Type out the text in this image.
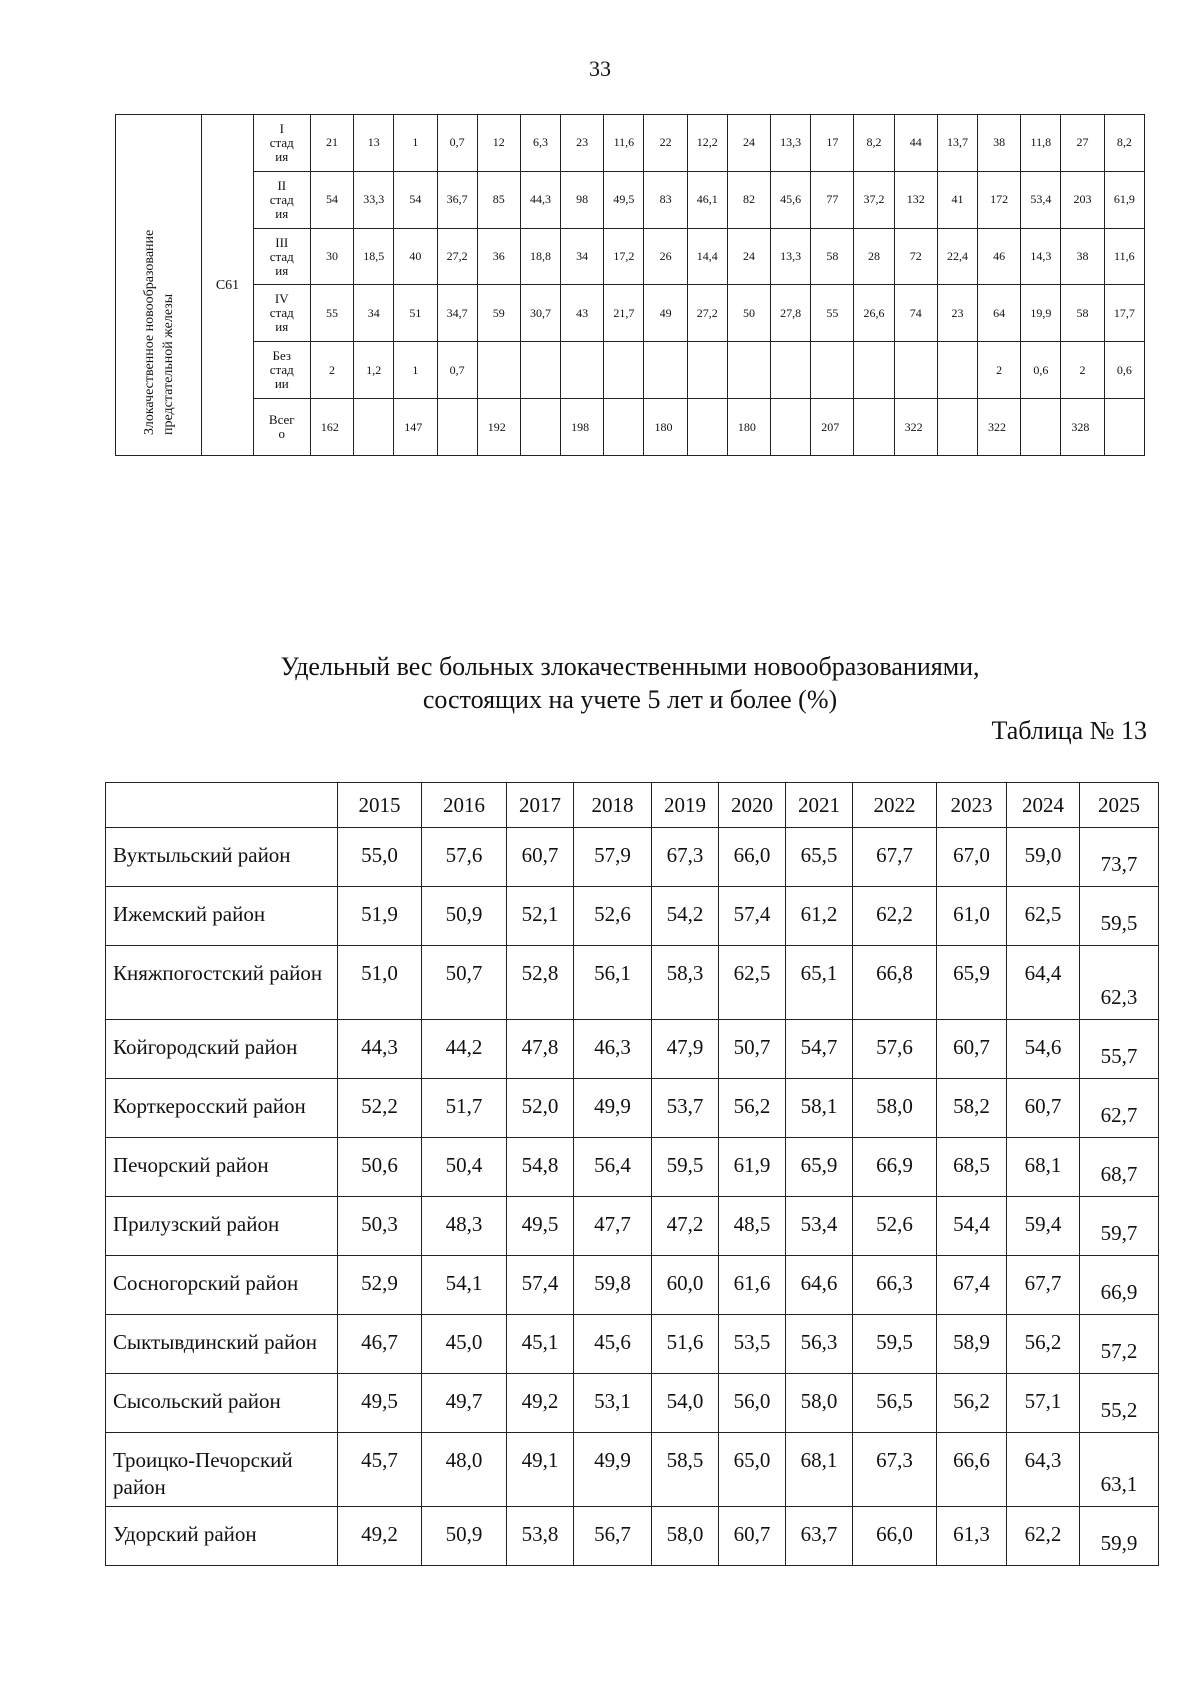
33
Злокачественное новообразование предстательной железы	С61	I
стад
ия	21	13	1	0,7	12	6,3	23	11,6	22	12,2	24	13,3	17	8,2	44	13,7	38	11,8	27	8,2

		II
стад
ия	54	33,3	54	36,7	85	44,3	98	49,5	83	46,1	82	45,6	77	37,2	132	41	172	53,4	203	61,9

		III
стад
ия	30	18,5	40	27,2	36	18,8	34	17,2	26	14,4	24	13,3	58	28	72	22,4	46	14,3	38	11,6

		IV
стад
ия	55	34	51	34,7	59	30,7	43	21,7	49	27,2	50	27,8	55	26,6	74	23	64	19,9	58	17,7

		Без
стад
ии	2	1,2	1	0,7													2	0,6	2	0,6

		Всег
о	162		147		192		198		180		180		207		322		322		328	
Удельный вес больных злокачественными новообразованиями,
состоящих на учете 5 лет и более (%)
Таблица № 13
	2015	2016	2017	2018	2019	2020	2021	2022	2023	2024	2025
Вуктыльский район	55,0	57,6	60,7	57,9	67,3	66,0	65,5	67,7	67,0	59,0	73,7
Ижемский район	51,9	50,9	52,1	52,6	54,2	57,4	61,2	62,2	61,0	62,5	59,5
Княжпогостский район	51,0	50,7	52,8	56,1	58,3	62,5	65,1	66,8	65,9	64,4	62,3
Койгородский район	44,3	44,2	47,8	46,3	47,9	50,7	54,7	57,6	60,7	54,6	55,7
Корткеросский район	52,2	51,7	52,0	49,9	53,7	56,2	58,1	58,0	58,2	60,7	62,7
Печорский район	50,6	50,4	54,8	56,4	59,5	61,9	65,9	66,9	68,5	68,1	68,7
Прилузский район	50,3	48,3	49,5	47,7	47,2	48,5	53,4	52,6	54,4	59,4	59,7
Сосногорский район	52,9	54,1	57,4	59,8	60,0	61,6	64,6	66,3	67,4	67,7	66,9
Сыктывдинский район	46,7	45,0	45,1	45,6	51,6	53,5	56,3	59,5	58,9	56,2	57,2
Сысольский район	49,5	49,7	49,2	53,1	54,0	56,0	58,0	56,5	56,2	57,1	55,2
Троицко-Печорский район	45,7	48,0	49,1	49,9	58,5	65,0	68,1	67,3	66,6	64,3	63,1
Удорский район	49,2	50,9	53,8	56,7	58,0	60,7	63,7	66,0	61,3	62,2	59,9
